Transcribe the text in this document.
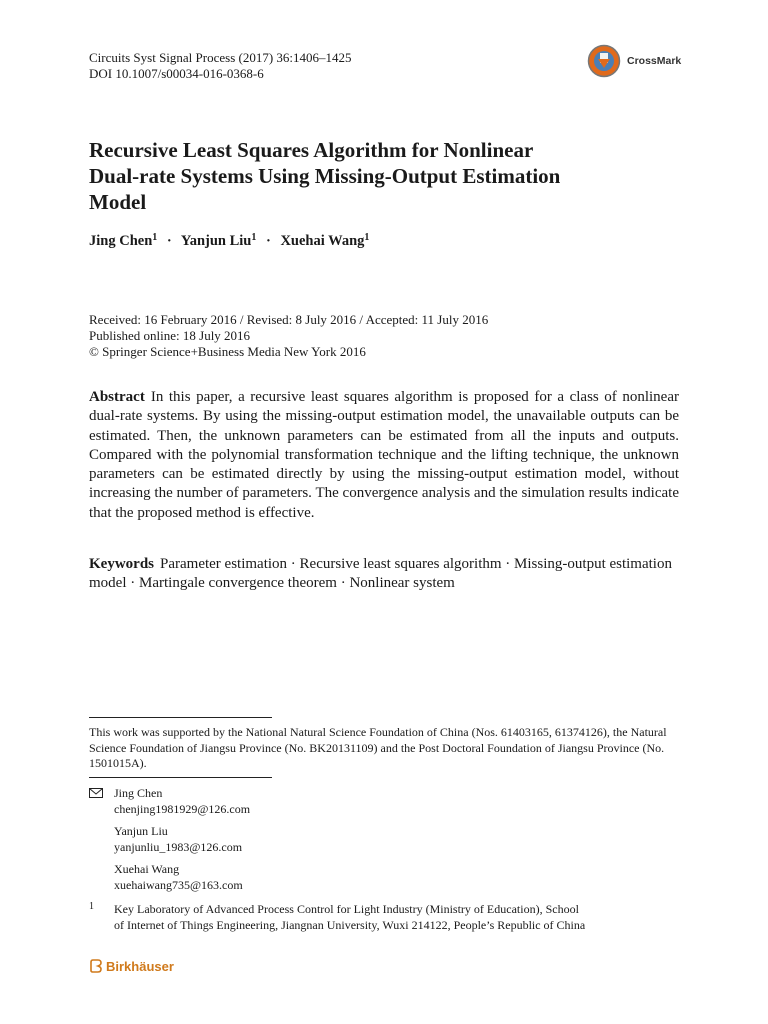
Circuits Syst Signal Process (2017) 36:1406–1425
DOI 10.1007/s00034-016-0368-6
CrossMark
Recursive Least Squares Algorithm for Nonlinear
Dual-rate Systems Using Missing-Output Estimation
Model
Jing Chen$^1$ · Yanjun Liu$^1$ · Xuehai Wang$^1$
Received: 16 February 2016 / Revised: 8 July 2016 / Accepted: 11 July 2016
Published online: 18 July 2016
© Springer Science+Business Media New York 2016
Abstract In this paper, a recursive least squares algorithm is proposed for a class of nonlinear dual-rate systems. By using the missing-output estimation model, the unavailable outputs can be estimated. Then, the unknown parameters can be estimated from all the inputs and outputs. Compared with the polynomial transformation technique and the lifting technique, the unknown parameters can be estimated directly by using the missing-output estimation model, without increasing the number of parameters. The convergence analysis and the simulation results indicate that the proposed method is effective.
Keywords Parameter estimation · Recursive least squares algorithm · Missing-output estimation model · Martingale convergence theorem · Nonlinear system
This work was supported by the National Natural Science Foundation of China (Nos. 61403165, 61374126), the Natural Science Foundation of Jiangsu Province (No. BK20131109) and the Post Doctoral Foundation of Jiangsu Province (No. 1501015A).
Jing Chen
chenjing1981929@126.com
Yanjun Liu
yanjunliu_1983@126.com
Xuehai Wang
xuehaiwang735@163.com
1 Key Laboratory of Advanced Process Control for Light Industry (Ministry of Education), School
of Internet of Things Engineering, Jiangnan University, Wuxi 214122, People’s Republic of China
Birkhäuser
